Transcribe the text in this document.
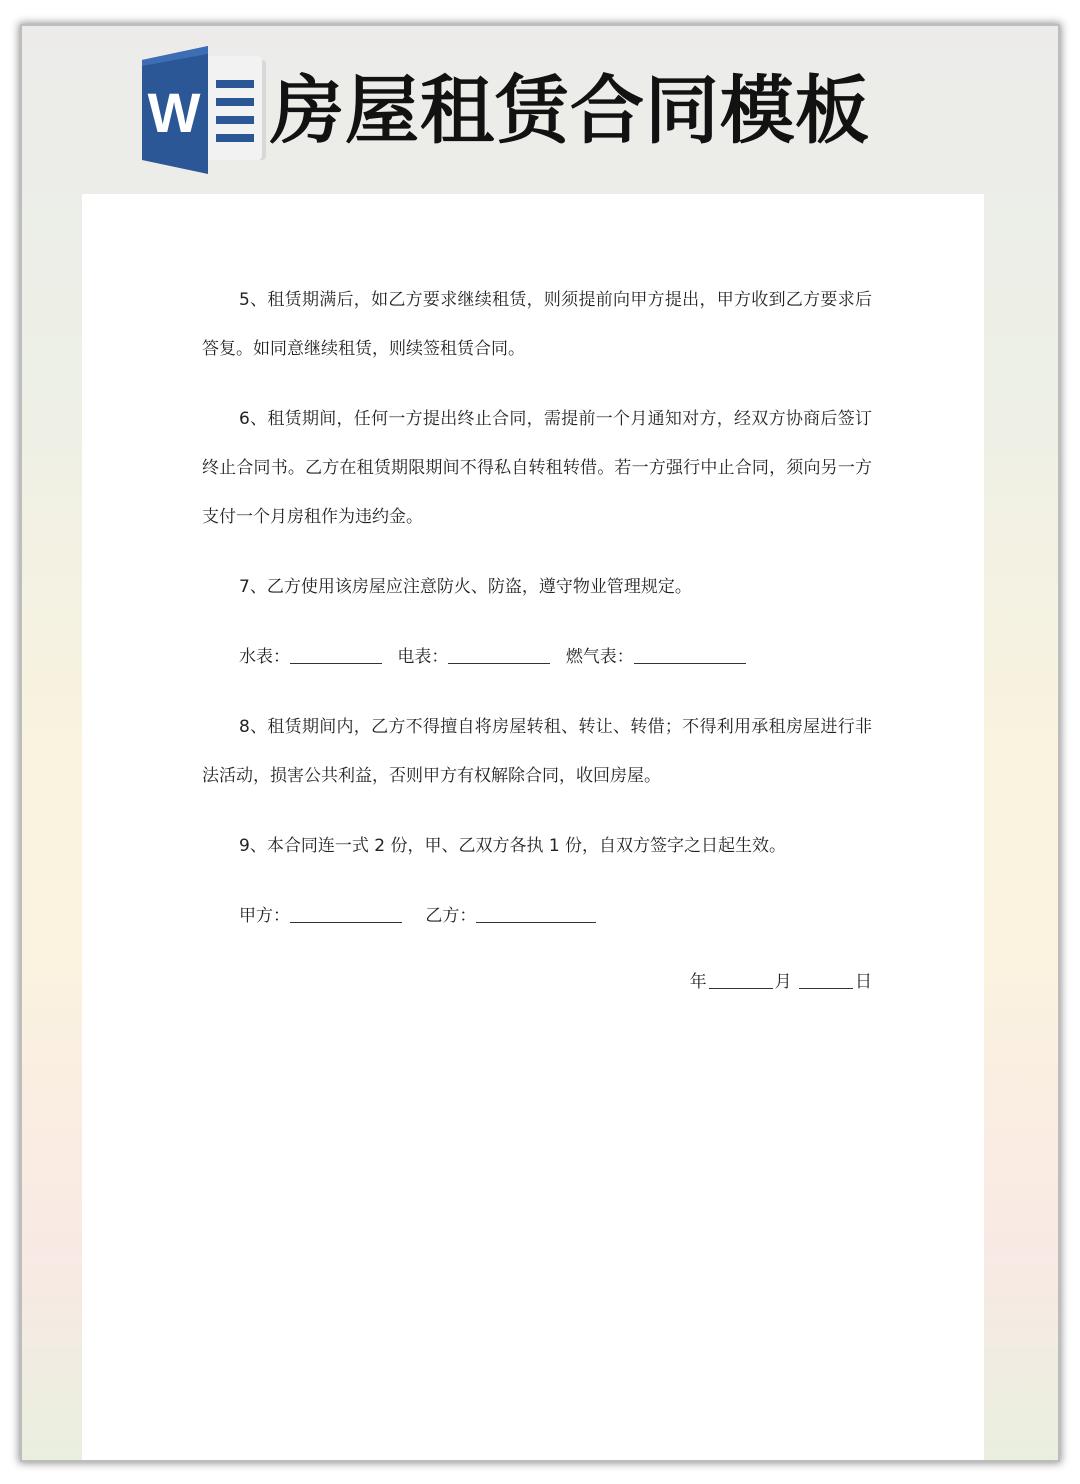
W 房屋租赁合同模板

5、租赁期满后，如乙方要求继续租赁，则须提前向甲方提出，甲方收到乙方要求后答复。如同意继续租赁，则续签租赁合同。

6、租赁期间，任何一方提出终止合同，需提前一个月通知对方，经双方协商后签订终止合同书。乙方在租赁期限期间不得私自转租转借。若一方强行中止合同，须向另一方支付一个月房租作为违约金。

7、乙方使用该房屋应注意防火、防盗，遵守物业管理规定。

水表：	电表：	燃气表：

8、租赁期间内，乙方不得擅自将房屋转租、转让、转借；不得利用承租房屋进行非法活动，损害公共利益，否则甲方有权解除合同，收回房屋。

9、本合同连一式 2 份，甲、乙双方各执 1 份，自双方签字之日起生效。

甲方：	乙方：
年	月	日
